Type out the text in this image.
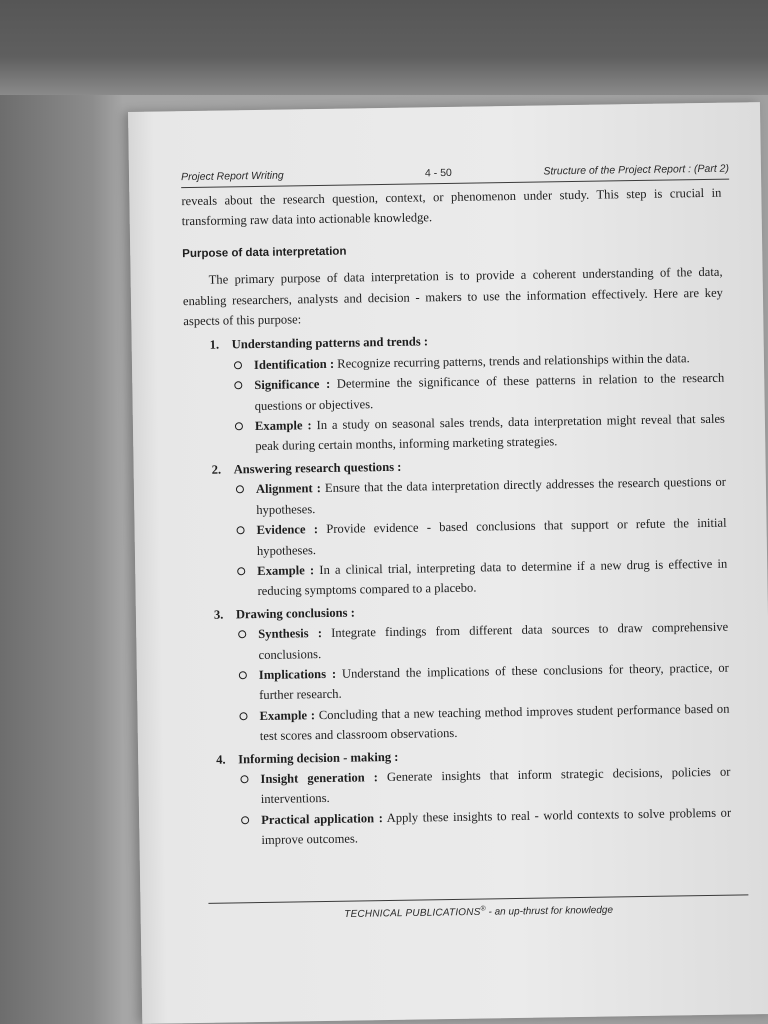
Project Report Writing	4 - 50	Structure of the Project Report : (Part 2)

reveals about the research question, context, or phenomenon under study. This step is crucial in transforming raw data into actionable knowledge.

Purpose of data interpretation

The primary purpose of data interpretation is to provide a coherent understanding of the data, enabling researchers, analysts and decision - makers to use the information effectively. Here are key aspects of this purpose:

1. Understanding patterns and trends :
Identification : Recognize recurring patterns, trends and relationships within the data.
Significance : Determine the significance of these patterns in relation to the research questions or objectives.
Example : In a study on seasonal sales trends, data interpretation might reveal that sales peak during certain months, informing marketing strategies.
2. Answering research questions :
Alignment : Ensure that the data interpretation directly addresses the research questions or hypotheses.
Evidence : Provide evidence - based conclusions that support or refute the initial hypotheses.
Example : In a clinical trial, interpreting data to determine if a new drug is effective in reducing symptoms compared to a placebo.
3. Drawing conclusions :
Synthesis : Integrate findings from different data sources to draw comprehensive conclusions.
Implications : Understand the implications of these conclusions for theory, practice, or further research.
Example : Concluding that a new teaching method improves student performance based on test scores and classroom observations.
4. Informing decision - making :
Insight generation : Generate insights that inform strategic decisions, policies or interventions.
Practical application : Apply these insights to real - world contexts to solve problems or improve outcomes.
TECHNICAL PUBLICATIONS® - an up-thrust for knowledge
